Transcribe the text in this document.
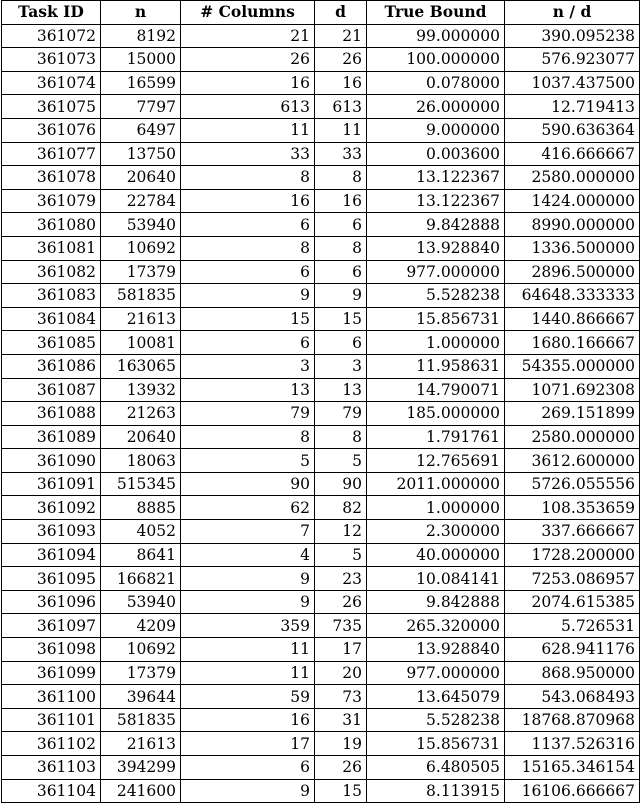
Task ID	n	# Columns	d	True Bound	n / d
361072	8192	21	21	99.000000	390.095238
361073	15000	26	26	100.000000	576.923077
361074	16599	16	16	0.078000	1037.437500
361075	7797	613	613	26.000000	12.719413
361076	6497	11	11	9.000000	590.636364
361077	13750	33	33	0.003600	416.666667
361078	20640	8	8	13.122367	2580.000000
361079	22784	16	16	13.122367	1424.000000
361080	53940	6	6	9.842888	8990.000000
361081	10692	8	8	13.928840	1336.500000
361082	17379	6	6	977.000000	2896.500000
361083	581835	9	9	5.528238	64648.333333
361084	21613	15	15	15.856731	1440.866667
361085	10081	6	6	1.000000	1680.166667
361086	163065	3	3	11.958631	54355.000000
361087	13932	13	13	14.790071	1071.692308
361088	21263	79	79	185.000000	269.151899
361089	20640	8	8	1.791761	2580.000000
361090	18063	5	5	12.765691	3612.600000
361091	515345	90	90	2011.000000	5726.055556
361092	8885	62	82	1.000000	108.353659
361093	4052	7	12	2.300000	337.666667
361094	8641	4	5	40.000000	1728.200000
361095	166821	9	23	10.084141	7253.086957
361096	53940	9	26	9.842888	2074.615385
361097	4209	359	735	265.320000	5.726531
361098	10692	11	17	13.928840	628.941176
361099	17379	11	20	977.000000	868.950000
361100	39644	59	73	13.645079	543.068493
361101	581835	16	31	5.528238	18768.870968
361102	21613	17	19	15.856731	1137.526316
361103	394299	6	26	6.480505	15165.346154
361104	241600	9	15	8.113915	16106.666667
